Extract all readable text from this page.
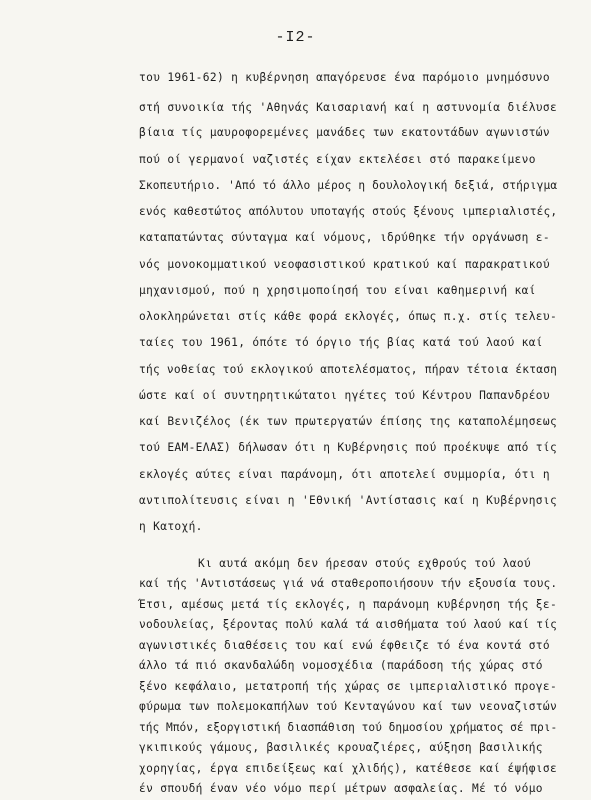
-I2-
του 1961-62) η κυβέρνηση απαγόρευσε ένα παρόμοιο μνημόσυνο
στή συνοικία τής 'Αθηνάς Καισαριανή καί η αστυνομία διέλυσε
βίαια τίς μαυροφορεμένες μανάδες των εκατοντάδων αγωνιστών
πού οί γερμανοί ναζιστές είχαν εκτελέσει στό παρακείμενο
Σκοπευτήριο. 'Από τό άλλο μέρος η δουλολογική δεξιά, στήριγμα
ενός καθεστώτος απόλυτου υποταγής στούς ξένους ιμπεριαλιστές,
καταπατώντας σύνταγμα καί νόμους, ιδρύθηκε τήν οργάνωση ε-
νός μονοκομματικού νεοφασιστικού κρατικού καί παρακρατικού
μηχανισμού, πού η χρησιμοποίησή του είναι καθημερινή καί
ολοκληρώνεται στίς κάθε φορά εκλογές, όπως π.χ. στίς τελευ-
ταίες του 1961, όπότε τό όργιο τής βίας κατά τού λαού καί
τής νοθείας τού εκλογικού αποτελέσματος, πήραν τέτοια έκταση
ώστε καί οί συντηρητικώτατοι ηγέτες τού Κέντρου Παπανδρέου
καί Βενιζέλος (έκ των πρωτεργατών έπίσης της καταπολέμησεως
τού ΕΑΜ-ΕΛΑΣ) δήλωσαν ότι η Κυβέρνησις πού προέκυψε από τίς
εκλογές αύτες είναι παράνομη, ότι αποτελεί συμμορία, ότι η
αντιπολίτευσις είναι η 'Εθνική 'Αντίστασις καί η Κυβέρνησις
η Κατοχή.
Κι αυτά ακόμη δεν ήρεσαν στούς εχθρούς τού λαού
καί τής 'Αντιστάσεως γιά νά σταθεροποιήσουν τήν εξουσία τους.
Έτσι, αμέσως μετά τίς εκλογές, η παράνομη κυβέρνηση τής ξε-
νοδουλείας, ξέροντας πολύ καλά τά αισθήματα τού λαού καί τίς
αγωνιστικές διαθέσεις του καί ενώ έφθειζε τό ένα κοντά στό
άλλο τά πιό σκανδαλώδη νομοσχέδια (παράδοση τής χώρας στό
ξένο κεφάλαιο, μετατροπή τής χώρας σε ιμπεριαλιστικό προγε-
φύρωμα των πολεμοκαπήλων τού Κενταγώνου καί των νεοναζιστών
τής Μπόν, εξοργιστική διασπάθιση τού δημοσίου χρήματος σέ πρι-
γκιπικούς γάμους, βασιλικές κρουαζιέρες, αύξηση βασιλικής
χορηγίας, έργα επιδείξεως καί χλιδής), κατέθεσε καί έψήφισε
έν σπουδή έναν νέο νόμο περί μέτρων ασφαλείας. Μέ τό νόμο
